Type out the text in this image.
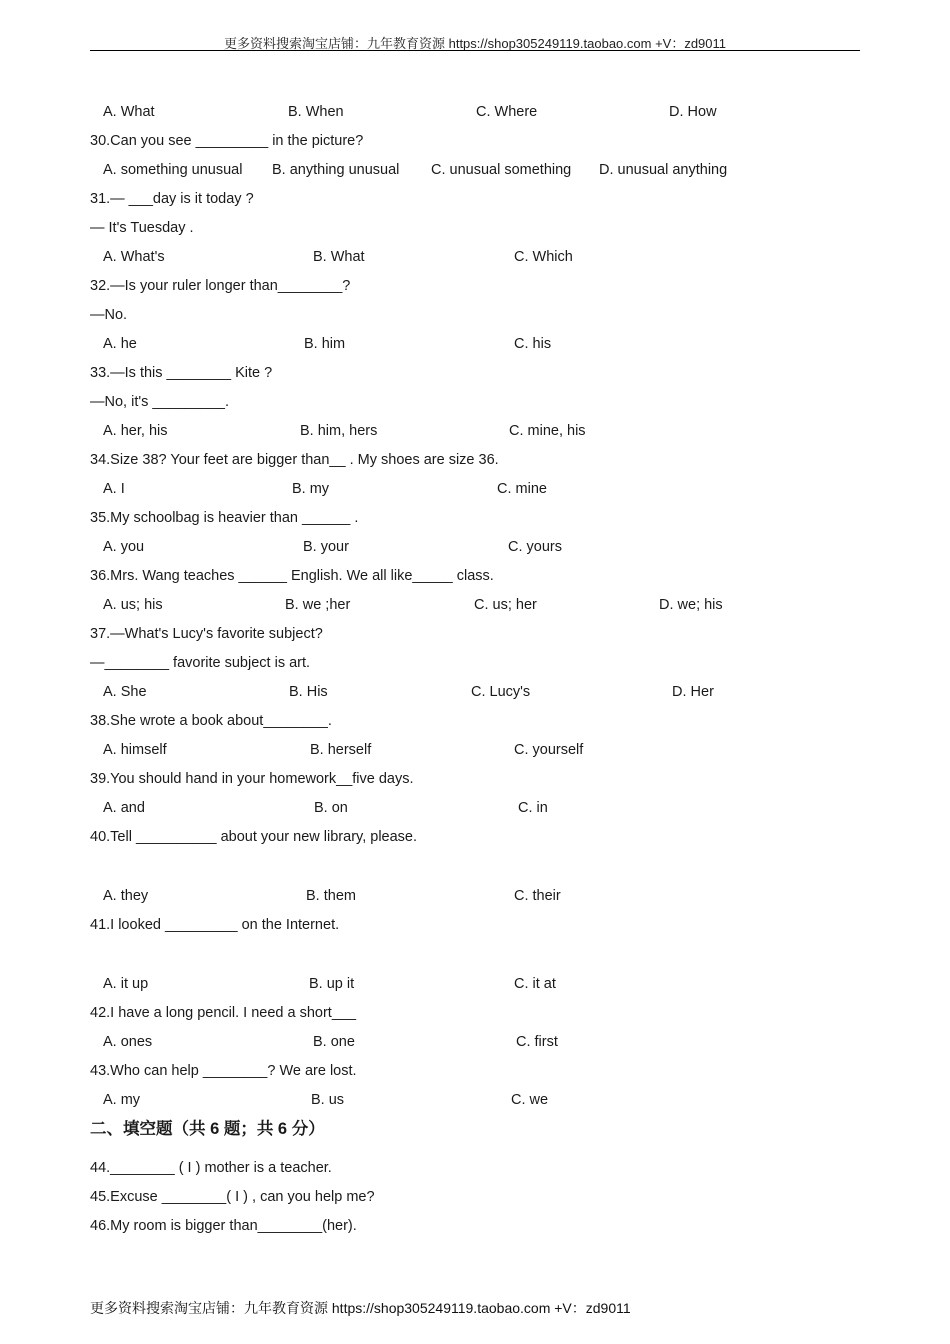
更多资料搜索淘宝店铺：九年教育资源 https://shop305249119.taobao.com +V：zd9011
A. What	B. When	C. Where	D. How
30.Can you see _________ in the picture?
A. something unusual B. anything unusual C. unusual something D. unusual anything
31.— ___day is it today ?
— It's Tuesday .
A. What's	B. What	C. Which
32.—Is your ruler longer than________?
—No.
A. he	B. him	C. his
33.—Is this ________ Kite ?
—No, it's _________.
A. her, his	B. him, hers	C. mine, his
34.Size 38? Your feet are bigger than__ . My shoes are size 36.
A. I	B. my	C. mine
35.My schoolbag is heavier than ______ .
A. you	B. your	C. yours
36.Mrs. Wang teaches ______ English. We all like_____ class.
A. us; his	B. we ;her	C. us; her	D. we; his
37.—What's Lucy's favorite subject?
—________ favorite subject is art.
A. She	B. His	C. Lucy's	D. Her
38.She wrote a book about________.
A. himself	B. herself	C. yourself
39.You should hand in your homework__five days.
A. and	B. on	C. in
40.Tell __________ about your new library, please.
A. they	B. them	C. their
41.I looked _________ on the Internet.
A. it up	B. up it	C. it at
42.I have a long pencil. I need a short___
A. ones	B. one	C. first
43.Who can help ________? We are lost.
A. my	B. us	C. we
二、填空题（共 6 题；共 6 分）
44.________ ( I ) mother is a teacher.
45.Excuse ________( I ) , can you help me?
46.My room is bigger than________(her).
更多资料搜索淘宝店铺：九年教育资源 https://shop305249119.taobao.com +V：zd9011
